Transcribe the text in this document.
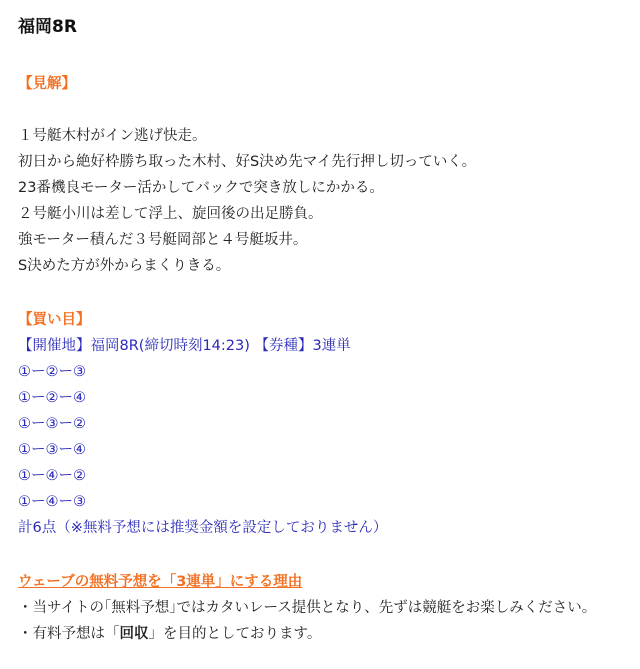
福岡8R
【見解】
１号艇木村がイン逃げ快走。
初日から絶好枠勝ち取った木村、好S決め先マイ先行押し切っていく。
23番機良モーター活かしてバックで突き放しにかかる。
２号艇小川は差して浮上、旋回後の出足勝負。
強モーター積んだ３号艇岡部と４号艇坂井。
S決めた方が外からまくりきる。
【買い目】
【開催地】福岡8R(締切時刻14:23) 【券種】3連単
①ー②ー③
①ー②ー④
①ー③ー②
①ー③ー④
①ー④ー②
①ー④ー③
計6点（※無料予想には推奨金額を設定しておりません）
ウェーブの無料予想を「3連単」にする理由
・当サイトの｢無料予想｣ではカタいレース提供となり、先ずは競艇をお楽しみください。
・有料予想は「回収」を目的としております。
